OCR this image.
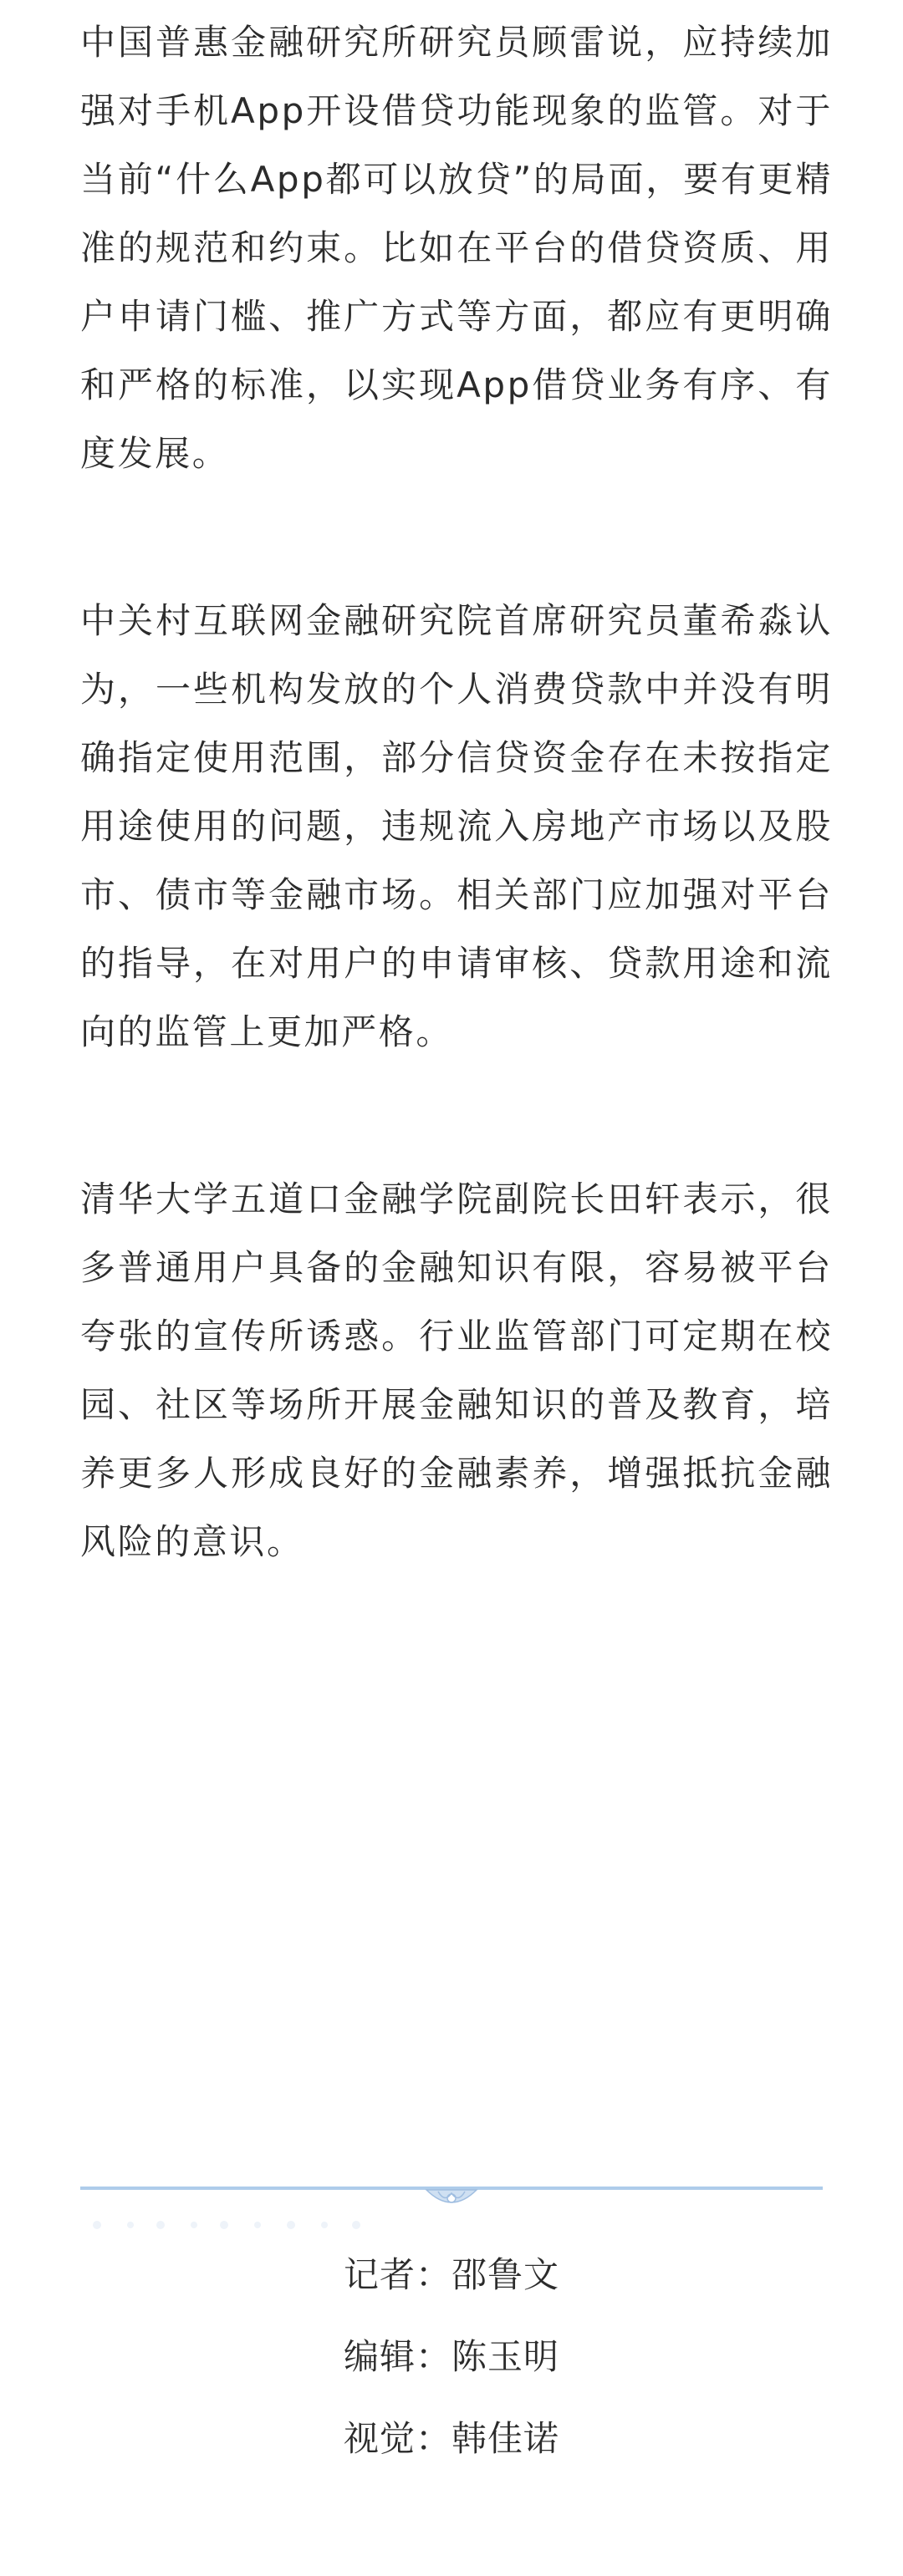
中国普惠金融研究所研究员顾雷说，应持续加强对手机App开设借贷功能现象的监管。对于当前“什么App都可以放贷”的局面，要有更精准的规范和约束。比如在平台的借贷资质、用户申请门槛、推广方式等方面，都应有更明确和严格的标准，以实现App借贷业务有序、有度发展。

中关村互联网金融研究院首席研究员董希淼认为，一些机构发放的个人消费贷款中并没有明确指定使用范围，部分信贷资金存在未按指定用途使用的问题，违规流入房地产市场以及股市、债市等金融市场。相关部门应加强对平台的指导，在对用户的申请审核、贷款用途和流向的监管上更加严格。

清华大学五道口金融学院副院长田轩表示，很多普通用户具备的金融知识有限，容易被平台夸张的宣传所诱惑。行业监管部门可定期在校园、社区等场所开展金融知识的普及教育，培养更多人形成良好的金融素养，增强抵抗金融风险的意识。

记者：邵鲁文

编辑：陈玉明

视觉：韩佳诺
